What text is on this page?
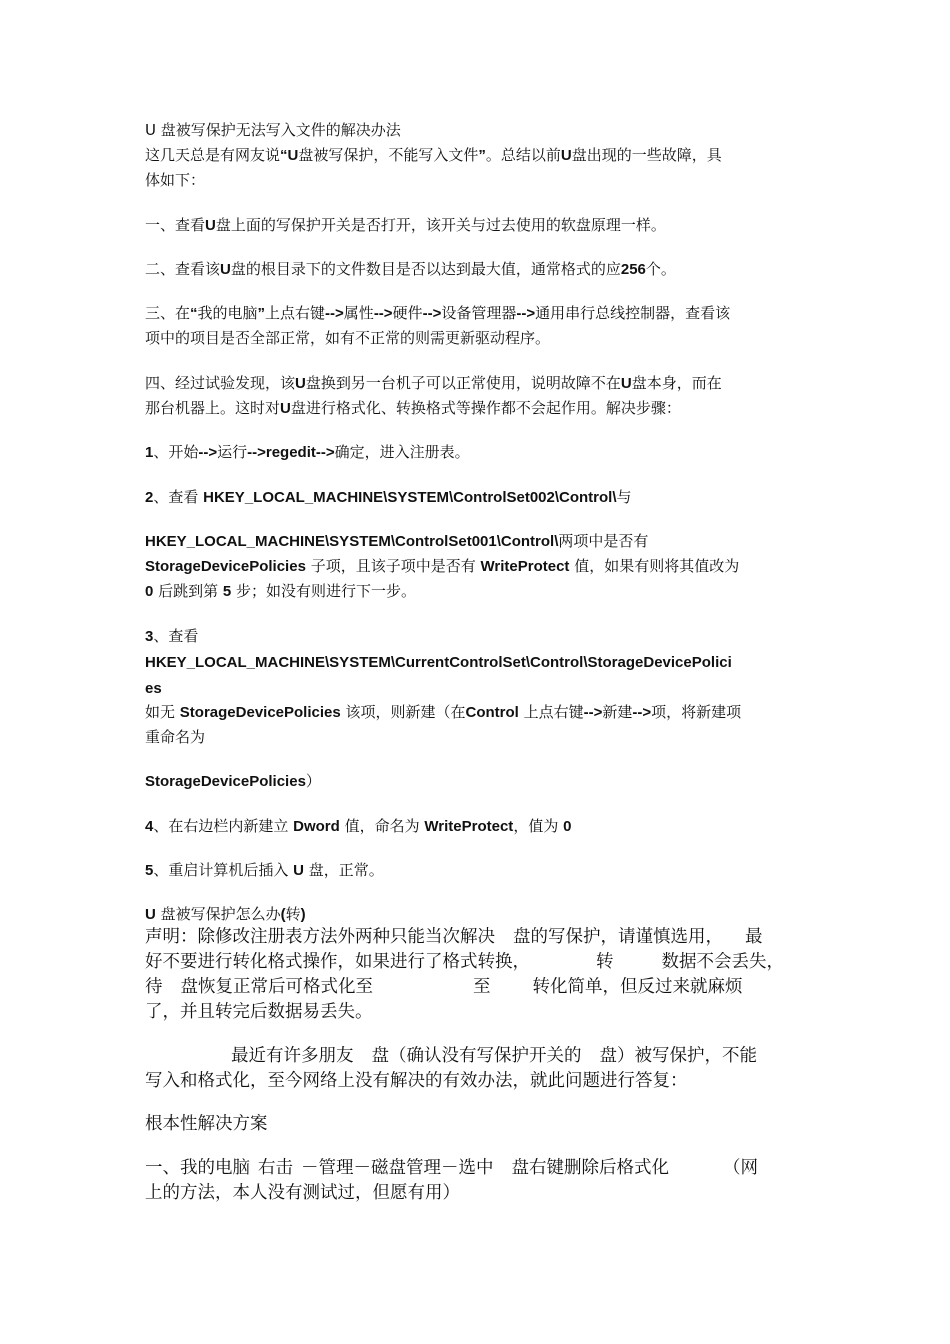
U 盘被写保护无法写入文件的解决办法
这几天总是有网友说“U盘被写保护，不能写入文件”。总结以前U盘出现的一些故障，具
体如下：
一、查看U盘上面的写保护开关是否打开，该开关与过去使用的软盘原理一样。
二、查看该U盘的根目录下的文件数目是否以达到最大值，通常格式的应256个。
三、在“我的电脑”上点右键-->属性-->硬件-->设备管理器-->通用串行总线控制器，查看该
项中的项目是否全部正常，如有不正常的则需更新驱动程序。
四、经过试验发现，该U盘换到另一台机子可以正常使用，说明故障不在U盘本身，而在
那台机器上。这时对U盘进行格式化、转换格式等操作都不会起作用。解决步骤：
1、开始-->运行-->regedit-->确定，进入注册表。
2、查看 HKEY_LOCAL_MACHINE\SYSTEM\ControlSet002\Control\与
HKEY_LOCAL_MACHINE\SYSTEM\ControlSet001\Control\两项中是否有
StorageDevicePolicies 子项，且该子项中是否有 WriteProtect 值，如果有则将其值改为
0 后跳到第 5 步；如没有则进行下一步。
3、查看
HKEY_LOCAL_MACHINE\SYSTEM\CurrentControlSet\Control\StorageDevicePolici
es
如无 StorageDevicePolicies 该项，则新建（在Control 上点右键-->新建-->项，将新建项
重命名为
StorageDevicePolicies）
4、在右边栏内新建立 Dword 值，命名为 WriteProtect，值为 0
5、重启计算机后插入 U 盘，正常。
U 盘被写保护怎么办(转)
声明：除修改注册表方法外两种只能当次解决 盘的写保护，请谨慎选用， 最
好不要进行转化格式操作，如果进行了格式转换，	转	数据不会丢失，
待 盘恢复正常后可格式化至	至 转化简单，但反过来就麻烦
了，并且转完后数据易丢失。
最近有许多朋友 盘（确认没有写保护开关的 盘）被写保护，不能
写入和格式化，至今网络上没有解决的有效办法，就此问题进行答复：
根本性解决方案
一、我的电脑 右击 －管理－磁盘管理－选中 盘右键删除后格式化	（网
上的方法，本人没有测试过，但愿有用）
